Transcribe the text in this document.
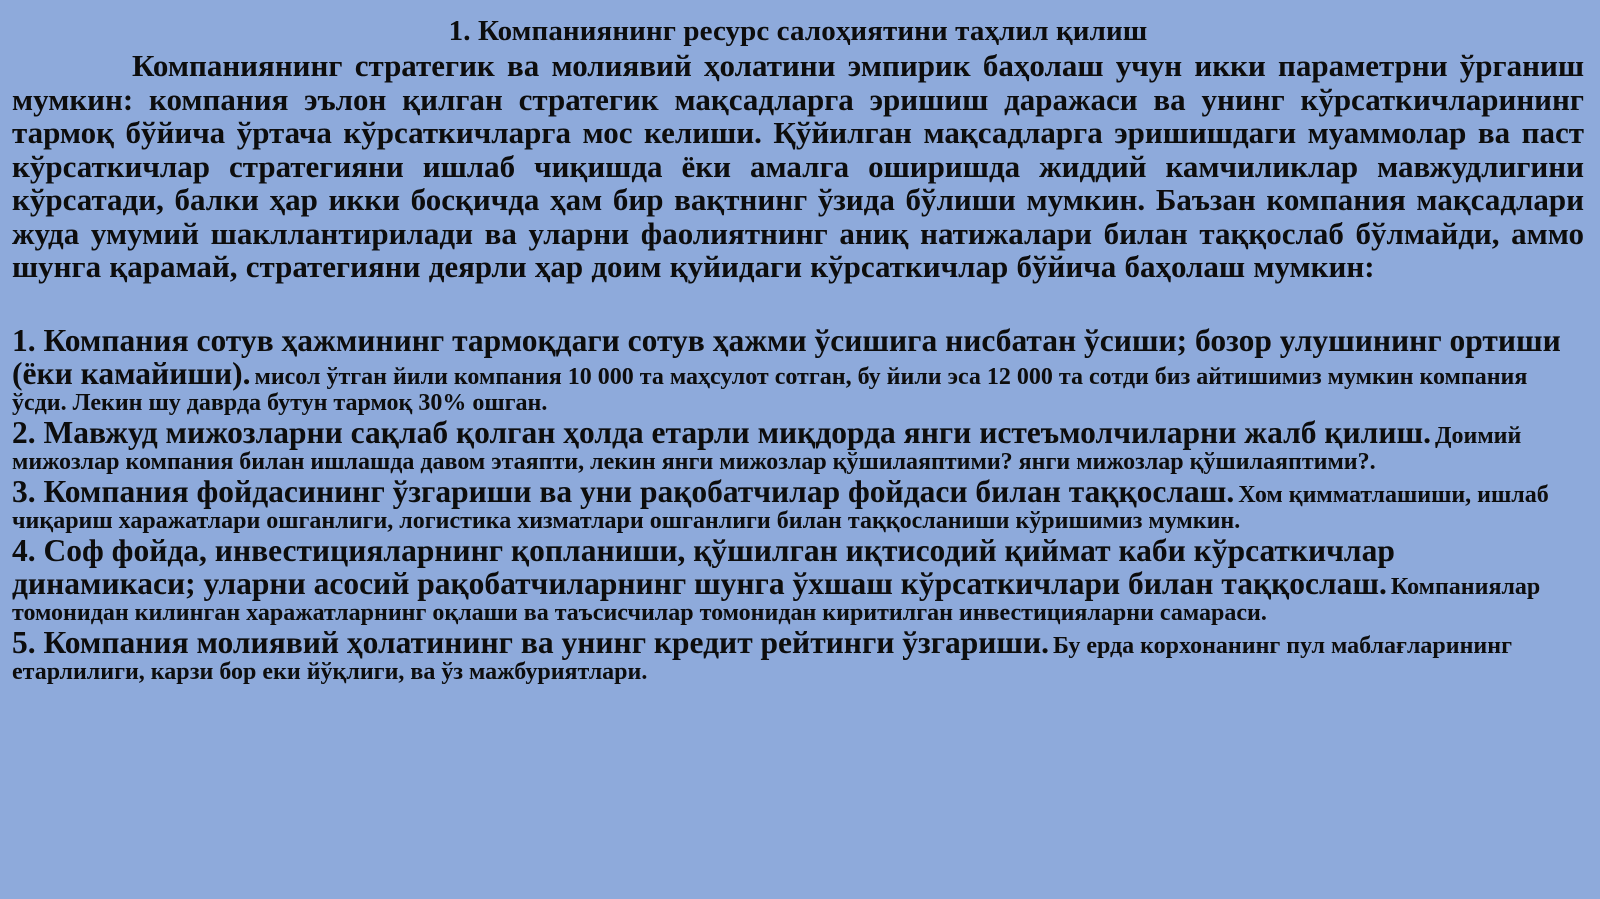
1. Компаниянинг ресурс салоҳиятини таҳлил қилиш

Компаниянинг стратегик ва молиявий ҳолатини эмпирик баҳолаш учун икки параметрни ўрганиш мумкин: компания эълон қилган стратегик мақсадларга эришиш даражаси ва унинг кўрсаткичларининг тармоқ бўйича ўртача кўрсаткичларга мос келиши. Қўйилган мақсадларга эришишдаги муаммолар ва паст кўрсаткичлар стратегияни ишлаб чиқишда ёки амалга оширишда жиддий камчиликлар мавжудлигини кўрсатади, балки ҳар икки босқичда ҳам бир вақтнинг ўзида бўлиши мумкин. Баъзан компания мақсадлари жуда умумий шакллантирилади ва уларни фаолиятнинг аниқ натижалари билан таққослаб бўлмайди, аммо шунга қарамай, стратегияни деярли ҳар доим қуйидаги кўрсаткичлар бўйича баҳолаш мумкин:

1. Компания сотув ҳажмининг тармоқдаги сотув ҳажми ўсишига нисбатан ўсиши; бозор улушининг ортиши (ёки камайиши). мисол ўтган йили компания 10 000 та маҳсулот сотган, бу йили эса 12 000 та сотди биз айтишимиз мумкин компания ўсди. Лекин шу даврда бутун тармоқ 30% ошган.

2. Мавжуд мижозларни сақлаб қолган ҳолда етарли миқдорда янги истеъмолчиларни жалб қилиш. Доимий мижозлар компания билан ишлашда давом этаяпти, лекин янги мижозлар қўшилаяптими? янги мижозлар қўшилаяптими?.

3. Компания фойдасининг ўзгариши ва уни рақобатчилар фойдаси билан таққослаш. Хом қимматлашиши, ишлаб чиқариш харажатлари ошганлиги, логистика хизматлари ошганлиги билан таққосланиши кўришимиз мумкин.

4. Соф фойда, инвестицияларнинг қопланиши, қўшилган иқтисодий қиймат каби кўрсаткичлар динамикаси; уларни асосий рақобатчиларнинг шунга ўхшаш кўрсаткичлари билан таққослаш. Компаниялар томонидан килинган харажатларнинг оқлаши ва таъсисчилар томонидан киритилган инвестицияларни самараси.

5. Компания молиявий ҳолатининг ва унинг кредит рейтинги ўзгариши. Бу ерда корхонанинг пул маблағларининг етарлилиги, карзи бор еки йўқлиги, ва ўз мажбуриятлари.
